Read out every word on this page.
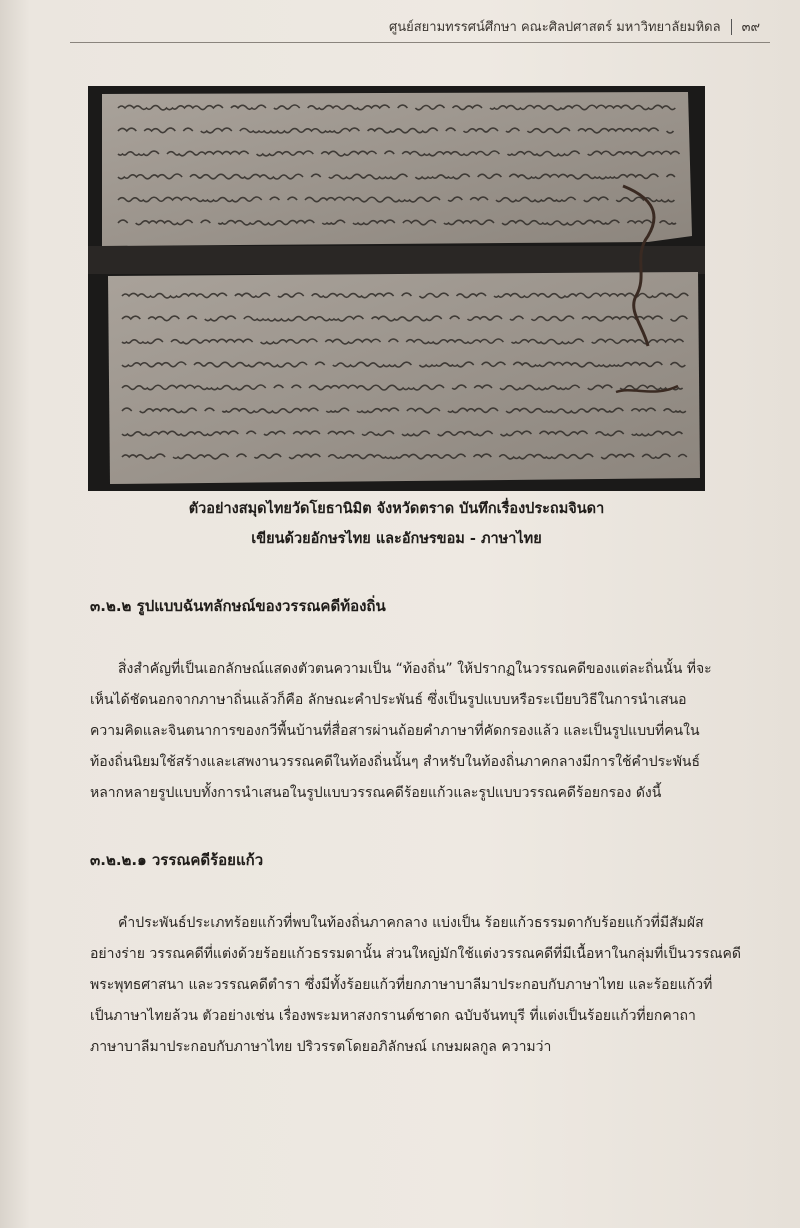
ศูนย์สยามทรรศน์ศึกษา คณะศิลปศาสตร์ มหาวิทยาลัยมหิดล ๓๙
ตัวอย่างสมุดไทยวัดโยธานิมิต จังหวัดตราด บันทึกเรื่องประถมจินดา
เขียนด้วยอักษรไทย และอักษรขอม - ภาษาไทย
๓.๒.๒ รูปแบบฉันทลักษณ์ของวรรณคดีท้องถิ่น
สิ่งสำคัญที่เป็นเอกลักษณ์แสดงตัวตนความเป็น “ท้องถิ่น” ให้ปรากฏในวรรณคดีของแต่ละถิ่นนั้น ที่จะ
เห็นได้ชัดนอกจากภาษาถิ่นแล้วก็คือ ลักษณะคำประพันธ์ ซึ่งเป็นรูปแบบหรือระเบียบวิธีในการนำเสนอ
ความคิดและจินตนาการของกวีพื้นบ้านที่สื่อสารผ่านถ้อยคำภาษาที่คัดกรองแล้ว และเป็นรูปแบบที่คนใน
ท้องถิ่นนิยมใช้สร้างและเสพงานวรรณคดีในท้องถิ่นนั้นๆ สำหรับในท้องถิ่นภาคกลางมีการใช้คำประพันธ์
หลากหลายรูปแบบทั้งการนำเสนอในรูปแบบวรรณคดีร้อยแก้วและรูปแบบวรรณคดีร้อยกรอง ดังนี้
๓.๒.๒.๑ วรรณคดีร้อยแก้ว
คำประพันธ์ประเภทร้อยแก้วที่พบในท้องถิ่นภาคกลาง แบ่งเป็น ร้อยแก้วธรรมดากับร้อยแก้วที่มีสัมผัส
อย่างร่าย วรรณคดีที่แต่งด้วยร้อยแก้วธรรมดานั้น ส่วนใหญ่มักใช้แต่งวรรณคดีที่มีเนื้อหาในกลุ่มที่เป็นวรรณคดี
พระพุทธศาสนา และวรรณคดีตำรา ซึ่งมีทั้งร้อยแก้วที่ยกภาษาบาลีมาประกอบกับภาษาไทย และร้อยแก้วที่
เป็นภาษาไทยล้วน ตัวอย่างเช่น เรื่องพระมหาสงกรานต์ชาดก ฉบับจันทบุรี ที่แต่งเป็นร้อยแก้วที่ยกคาถา
ภาษาบาลีมาประกอบกับภาษาไทย ปริวรรตโดยอภิลักษณ์ เกษมผลกูล ความว่า
